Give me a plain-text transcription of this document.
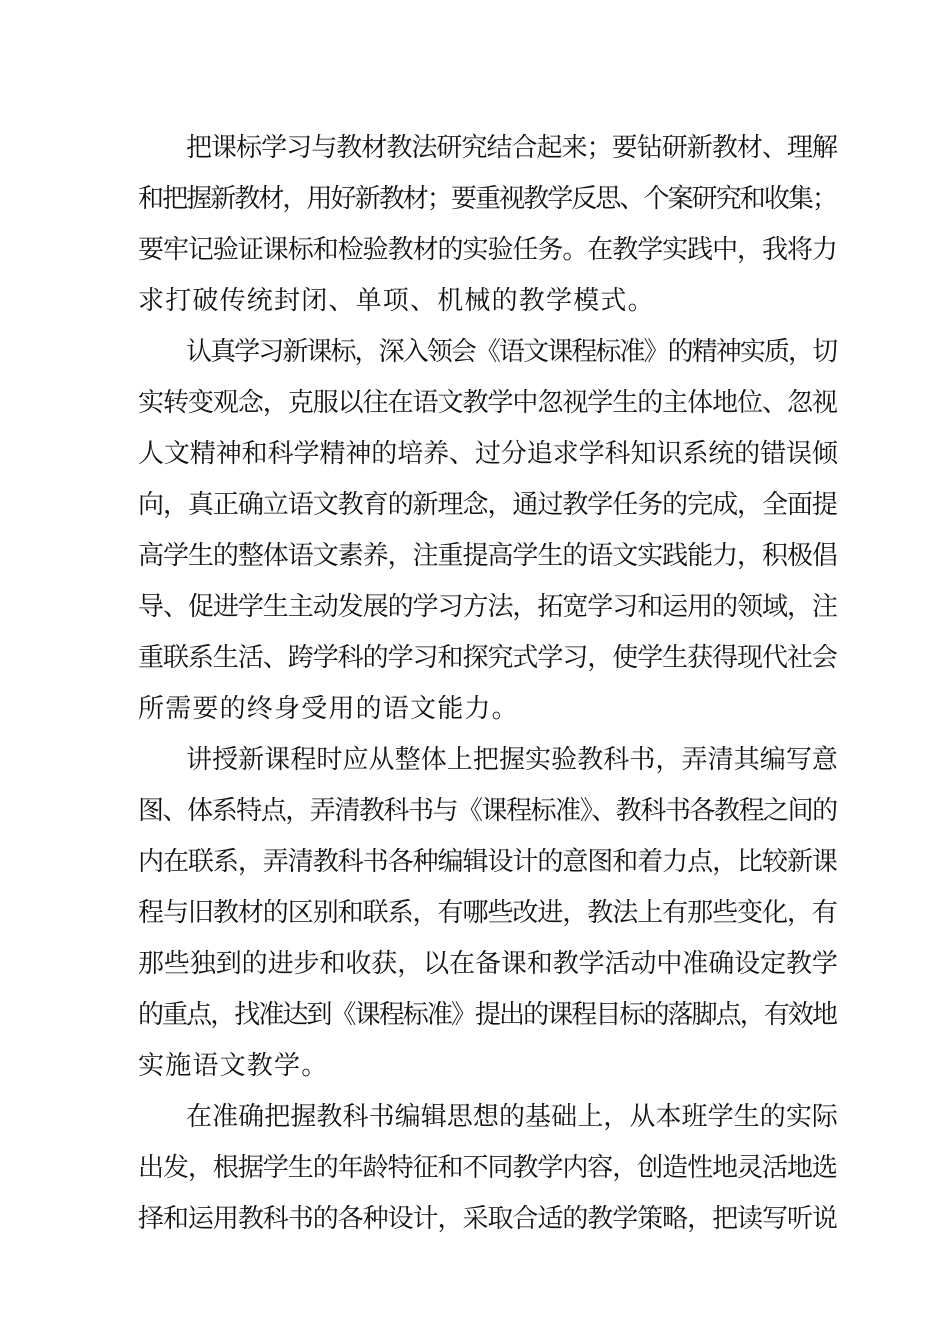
把课标学习与教材教法研究结合起来；要钻研新教材、理解
和把握新教材，用好新教材；要重视教学反思、个案研究和收集；
要牢记验证课标和检验教材的实验任务。在教学实践中，我将力
求打破传统封闭、单项、机械的教学模式。
认真学习新课标，深入领会《语文课程标准》的精神实质，切
实转变观念，克服以往在语文教学中忽视学生的主体地位、忽视
人文精神和科学精神的培养、过分追求学科知识系统的错误倾
向，真正确立语文教育的新理念，通过教学任务的完成，全面提
高学生的整体语文素养，注重提高学生的语文实践能力，积极倡
导、促进学生主动发展的学习方法，拓宽学习和运用的领域，注
重联系生活、跨学科的学习和探究式学习，使学生获得现代社会
所需要的终身受用的语文能力。
讲授新课程时应从整体上把握实验教科书，弄清其编写意
图、体系特点，弄清教科书与《课程标准》、教科书各教程之间的
内在联系，弄清教科书各种编辑设计的意图和着力点，比较新课
程与旧教材的区别和联系，有哪些改进，教法上有那些变化，有
那些独到的进步和收获，以在备课和教学活动中准确设定教学
的重点，找准达到《课程标准》提出的课程目标的落脚点，有效地
实施语文教学。
在准确把握教科书编辑思想的基础上，从本班学生的实际
出发，根据学生的年龄特征和不同教学内容，创造性地灵活地选
择和运用教科书的各种设计，采取合适的教学策略，把读写听说
